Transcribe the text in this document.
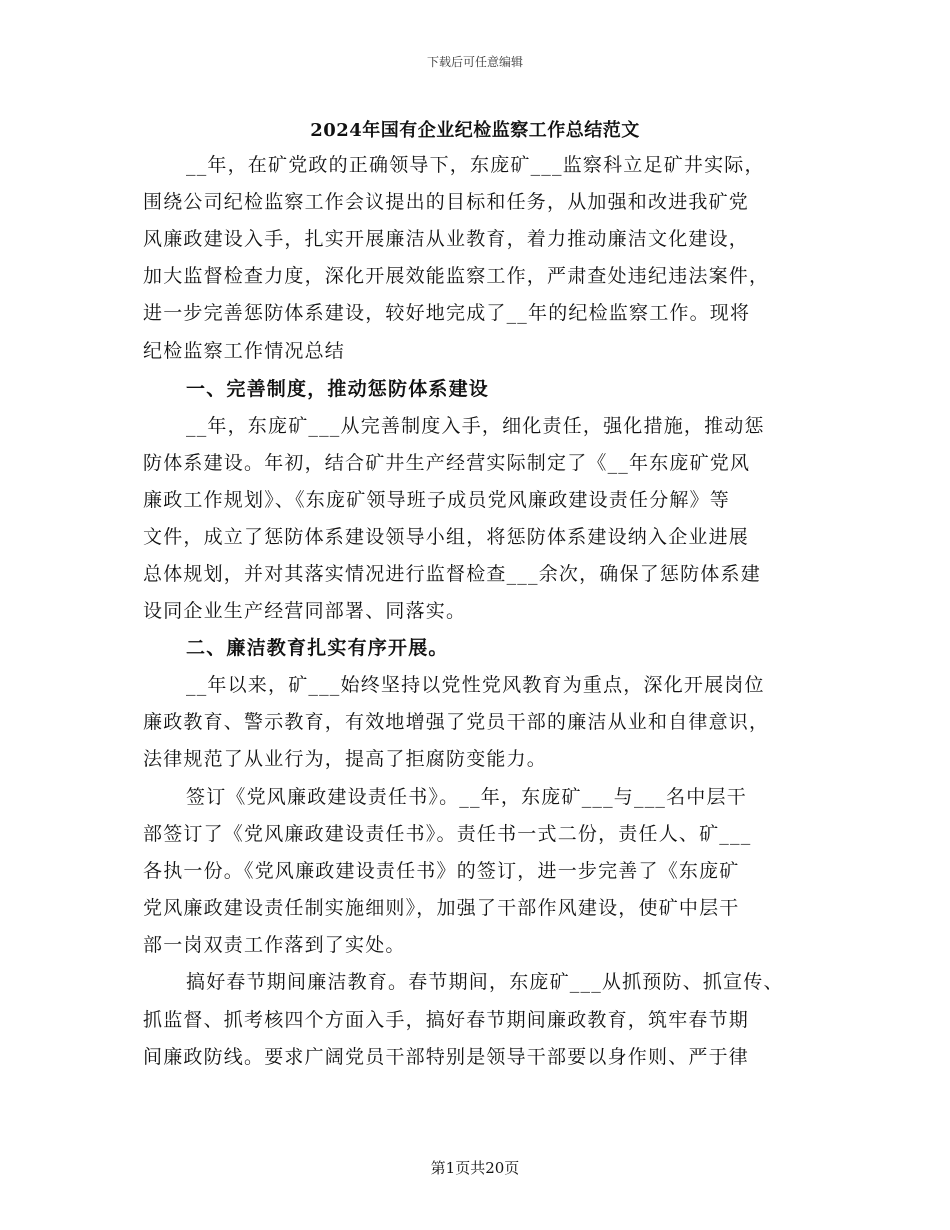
下载后可任意编辑
2024年国有企业纪检监察工作总结范文
__年，在矿党政的正确领导下，东庞矿___监察科立足矿井实际，
围绕公司纪检监察工作会议提出的目标和任务，从加强和改进我矿党
风廉政建设入手，扎实开展廉洁从业教育，着力推动廉洁文化建设，
加大监督检查力度，深化开展效能监察工作，严肃查处违纪违法案件，
进一步完善惩防体系建设，较好地完成了__年的纪检监察工作。现将
纪检监察工作情况总结
一、完善制度，推动惩防体系建设
__年，东庞矿___从完善制度入手，细化责任，强化措施，推动惩
防体系建设。年初，结合矿井生产经营实际制定了《__年东庞矿党风
廉政工作规划》、《东庞矿领导班子成员党风廉政建设责任分解》等
文件，成立了惩防体系建设领导小组，将惩防体系建设纳入企业进展
总体规划，并对其落实情况进行监督检查___余次，确保了惩防体系建
设同企业生产经营同部署、同落实。
二、廉洁教育扎实有序开展。
__年以来，矿___始终坚持以党性党风教育为重点，深化开展岗位
廉政教育、警示教育，有效地增强了党员干部的廉洁从业和自律意识，
法律规范了从业行为，提高了拒腐防变能力。
签订《党风廉政建设责任书》。__年，东庞矿___与___名中层干
部签订了《党风廉政建设责任书》。责任书一式二份，责任人、矿___
各执一份。《党风廉政建设责任书》的签订，进一步完善了《东庞矿
党风廉政建设责任制实施细则》，加强了干部作风建设，使矿中层干
部一岗双责工作落到了实处。
搞好春节期间廉洁教育。春节期间，东庞矿___从抓预防、抓宣传、
抓监督、抓考核四个方面入手，搞好春节期间廉政教育，筑牢春节期
间廉政防线。要求广阔党员干部特别是领导干部要以身作则、严于律
第1页共20页
